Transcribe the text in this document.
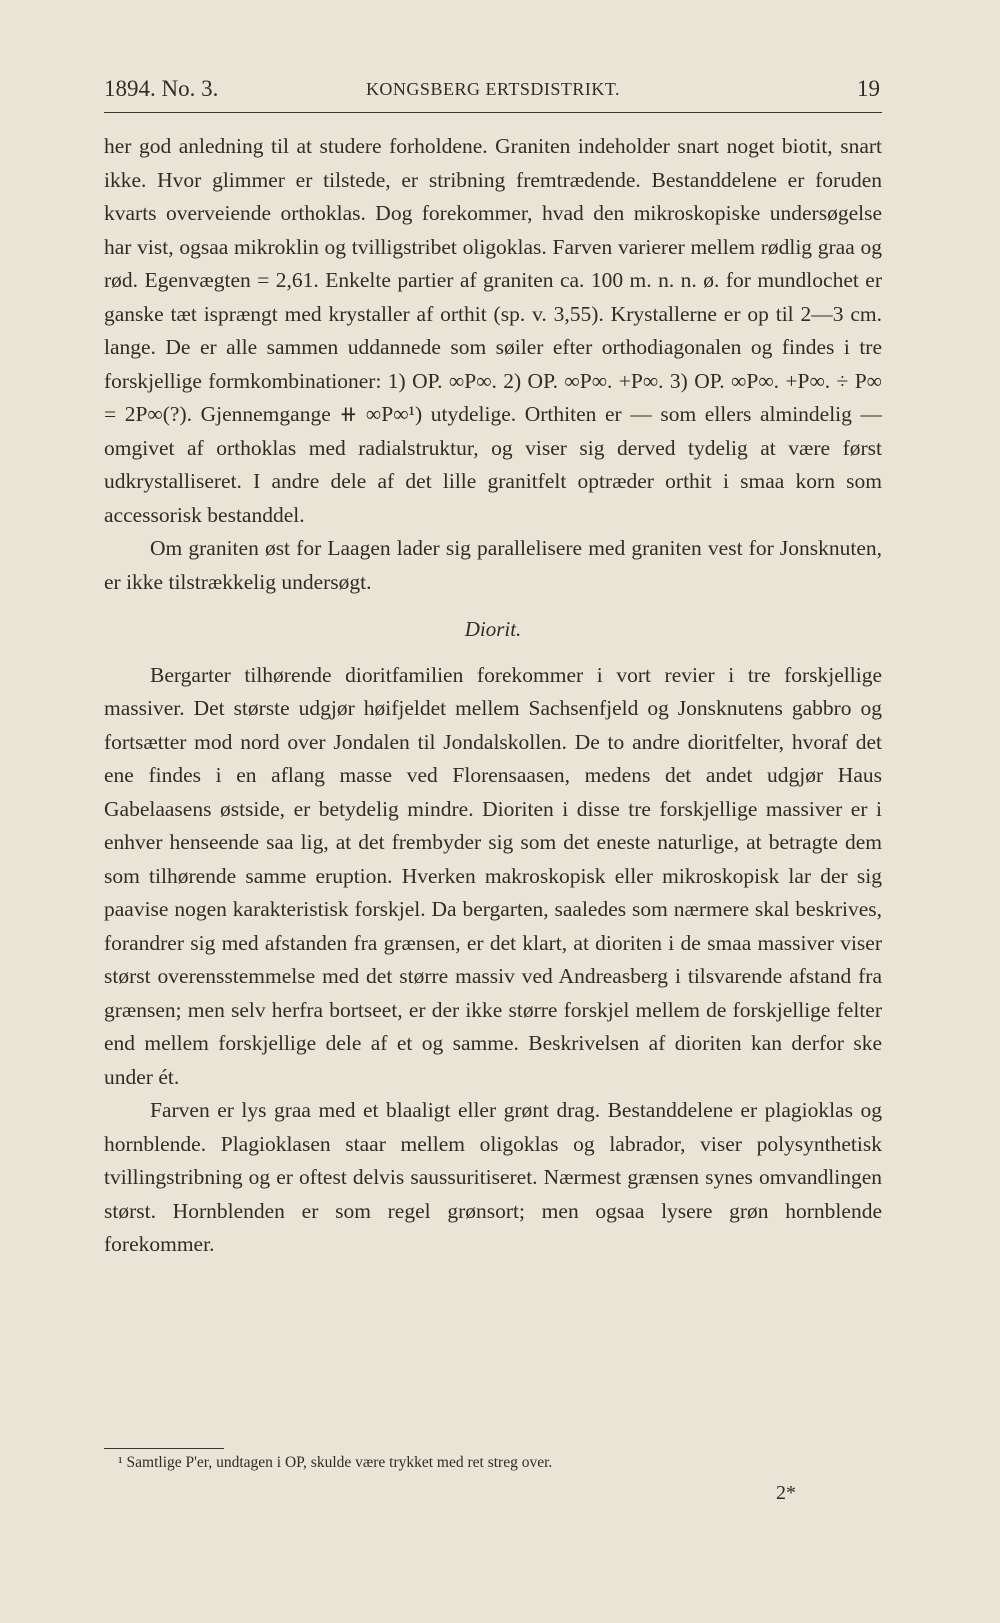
1894. No. 3.	KONGSBERG ERTSDISTRIKT.	19

her god anledning til at studere forholdene. Graniten indeholder snart noget biotit, snart ikke. Hvor glimmer er tilstede, er stribning fremtrædende. Bestanddelene er foruden kvarts overveiende orthoklas. Dog forekommer, hvad den mikroskopiske undersøgelse har vist, ogsaa mikroklin og tvilligstribet oligoklas. Farven varierer mellem rødlig graa og rød. Egenvægten = 2,61. Enkelte partier af graniten ca. 100 m. n. n. ø. for mundlochet er ganske tæt isprængt med krystaller af orthit (sp. v. 3,55). Krystallerne er op til 2—3 cm. lange. De er alle sammen uddannede som søiler efter orthodiagonalen og findes i tre forskjellige formkombinationer: 1) OP. ∞P∞. 2) OP. ∞P∞. +P∞. 3) OP. ∞P∞. +P∞. ÷ P∞ = 2P∞(?). Gjennemgange ⧺ ∞P∞¹) utydelige. Orthiten er — som ellers almindelig — omgivet af orthoklas med radialstruktur, og viser sig derved tydelig at være først udkrystalliseret. I andre dele af det lille granitfelt optræder orthit i smaa korn som accessorisk bestanddel.

Om graniten øst for Laagen lader sig parallelisere med graniten vest for Jonsknuten, er ikke tilstrækkelig undersøgt.

Diorit.

Bergarter tilhørende dioritfamilien forekommer i vort revier i tre forskjellige massiver. Det største udgjør høifjeldet mellem Sachsenfjeld og Jonsknutens gabbro og fortsætter mod nord over Jondalen til Jondalskollen. De to andre dioritfelter, hvoraf det ene findes i en aflang masse ved Florensaasen, medens det andet udgjør Haus Gabelaasens østside, er betydelig mindre. Dioriten i disse tre forskjellige massiver er i enhver henseende saa lig, at det frembyder sig som det eneste naturlige, at betragte dem som tilhørende samme eruption. Hverken makroskopisk eller mikroskopisk lar der sig paavise nogen karakteristisk forskjel. Da bergarten, saaledes som nærmere skal beskrives, forandrer sig med afstanden fra grænsen, er det klart, at dioriten i de smaa massiver viser størst overensstemmelse med det større massiv ved Andreasberg i tilsvarende afstand fra grænsen; men selv herfra bortseet, er der ikke større forskjel mellem de forskjellige felter end mellem forskjellige dele af et og samme. Beskrivelsen af dioriten kan derfor ske under ét.

Farven er lys graa med et blaaligt eller grønt drag. Bestanddelene er plagioklas og hornblende. Plagioklasen staar mellem oligoklas og labrador, viser polysynthetisk tvillingstribning og er oftest delvis saussuritiseret. Nærmest grænsen synes omvandlingen størst. Hornblenden er som regel grønsort; men ogsaa lysere grøn hornblende forekommer.

¹ Samtlige P'er, undtagen i OP, skulde være trykket med ret streg over.
2*
